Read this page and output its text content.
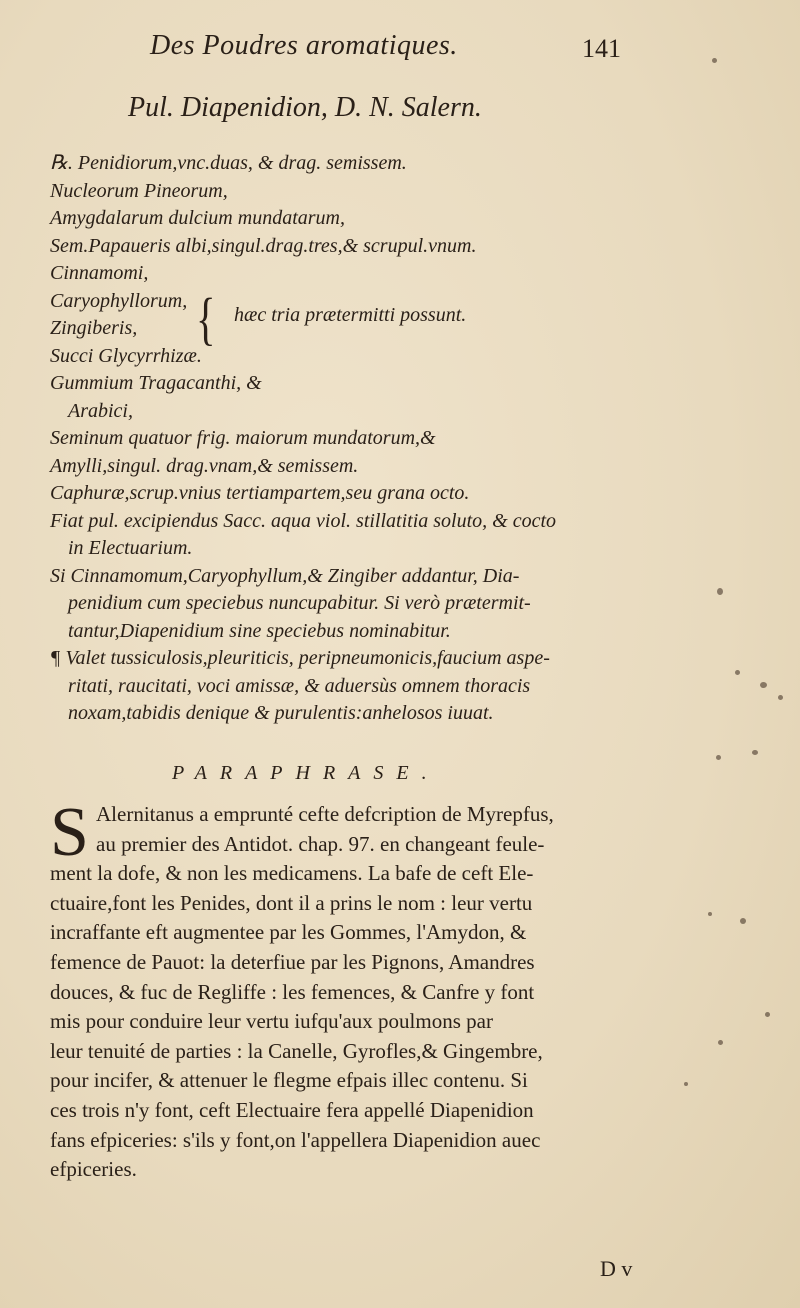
Des Poudres aromatiques.	141
Pul. Diapenidion, D. N. Salern.
℞. Penidiorum,vnc.duas, & drag. semissem.
Nucleorum Pineorum,
Amygdalarum dulcium mundatarum,
Sem.Papaueris albi,singul.drag.tres,& scrupul.vnum.
Cinnamomi,
Caryophyllorum,
Zingiberis,
Succi Glycyrrhizæ.
Gummium Tragacanthi, &
Arabici,
Seminum quatuor frig. maiorum mundatorum,&
Amylli,singul. drag.vnam,& semissem.
Caphuræ,scrup.vnius tertiampartem,seu grana octo.
Fiat pul. excipiendus Sacc. aqua viol. stillatitia soluto, & cocto
in Electuarium.
Si Cinnamomum,Caryophyllum,& Zingiber addantur, Dia-
penidium cum speciebus nuncupabitur. Si verò prætermit-
tantur,Diapenidium sine speciebus nominabitur.
¶ Valet tussiculosis,pleuriticis, peripneumonicis,faucium aspe-
ritati, raucitati, voci amissæ, & aduersùs omnem thoracis
noxam,tabidis denique & purulentis:anhelosos iuuat.
{ hæc tria prætermitti possunt.
PARAPHRASE.
S Alernitanus a emprunté cefte defcription de Myrepfus,
au premier des Antidot. chap. 97. en changeant feule-
ment la dofe, & non les medicamens. La bafe de ceft Ele-
ctuaire,font les Penides, dont il a prins le nom : leur vertu
incraffante eft augmentee par les Gommes, l'Amydon, &
femence de Pauot: la deterfiue par les Pignons, Amandres
douces, & fuc de Regliffe : les femences, & Canfre y font
mis pour conduire leur vertu iufqu'aux poulmons par
leur tenuité de parties : la Canelle, Gyrofles,& Gingembre,
pour incifer, & attenuer le flegme efpais illec contenu. Si
ces trois n'y font, ceft Electuaire fera appellé Diapenidion
fans efpiceries: s'ils y font,on l'appellera Diapenidion auec
efpiceries.
D v
